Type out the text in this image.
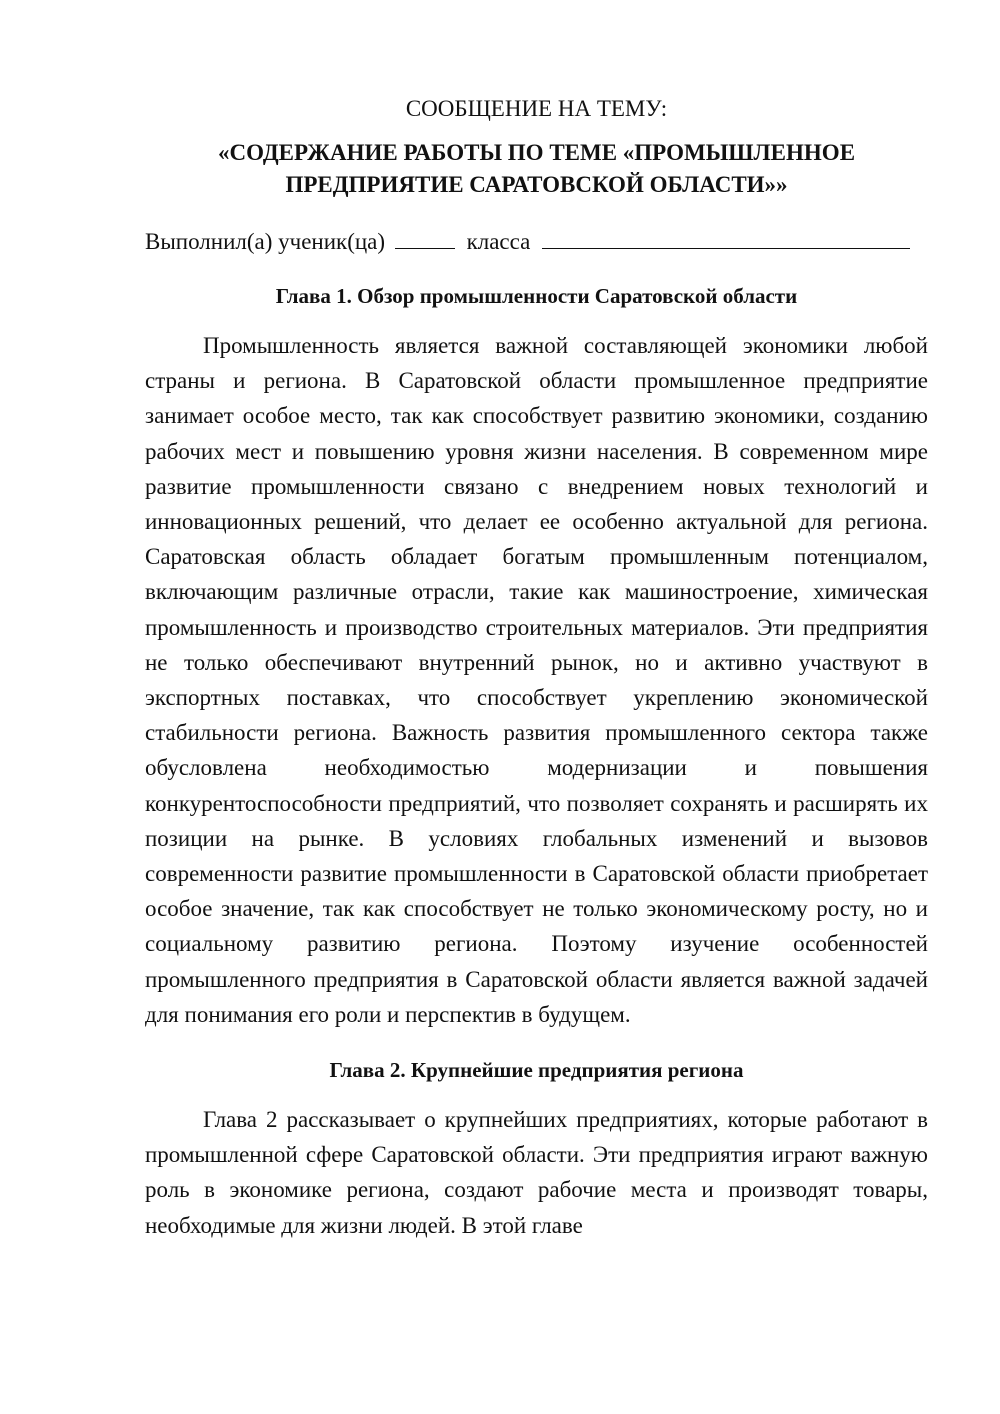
СООБЩЕНИЕ НА ТЕМУ:

«СОДЕРЖАНИЕ РАБОТЫ ПО ТЕМЕ «ПРОМЫШЛЕННОЕ
ПРЕДПРИЯТИЕ САРАТОВСКОЙ ОБЛАСТИ»»
Выполнил(а) ученик(ца)	класса
Глава 1. Обзор промышленности Саратовской области

Промышленность является важной составляющей экономики любой страны и региона. В Саратовской области промышленное предприятие занимает особое место, так как способствует развитию экономики, созданию рабочих мест и повышению уровня жизни населения. В современном мире развитие промышленности связано с внедрением новых технологий и инновационных решений, что делает ее особенно актуальной для региона. Саратовская область обладает богатым промышленным потенциалом, включающим различные отрасли, такие как машиностроение, химическая промышленность и производство строительных материалов. Эти предприятия не только обеспечивают внутренний рынок, но и активно участвуют в экспортных поставках, что способствует укреплению экономической стабильности региона. Важность развития промышленного сектора также обусловлена необходимостью модернизации и повышения конкурентоспособности предприятий, что позволяет сохранять и расширять их позиции на рынке. В условиях глобальных изменений и вызовов современности развитие промышленности в Саратовской области приобретает особое значение, так как способствует не только экономическому росту, но и социальному развитию региона. Поэтому изучение особенностей промышленного предприятия в Саратовской области является важной задачей для понимания его роли и перспектив в будущем.

Глава 2. Крупнейшие предприятия региона

Глава 2 рассказывает о крупнейших предприятиях, которые работают в промышленной сфере Саратовской области. Эти предприятия играют важную роль в экономике региона, создают рабочие места и производят товары, необходимые для жизни людей. В этой главе
